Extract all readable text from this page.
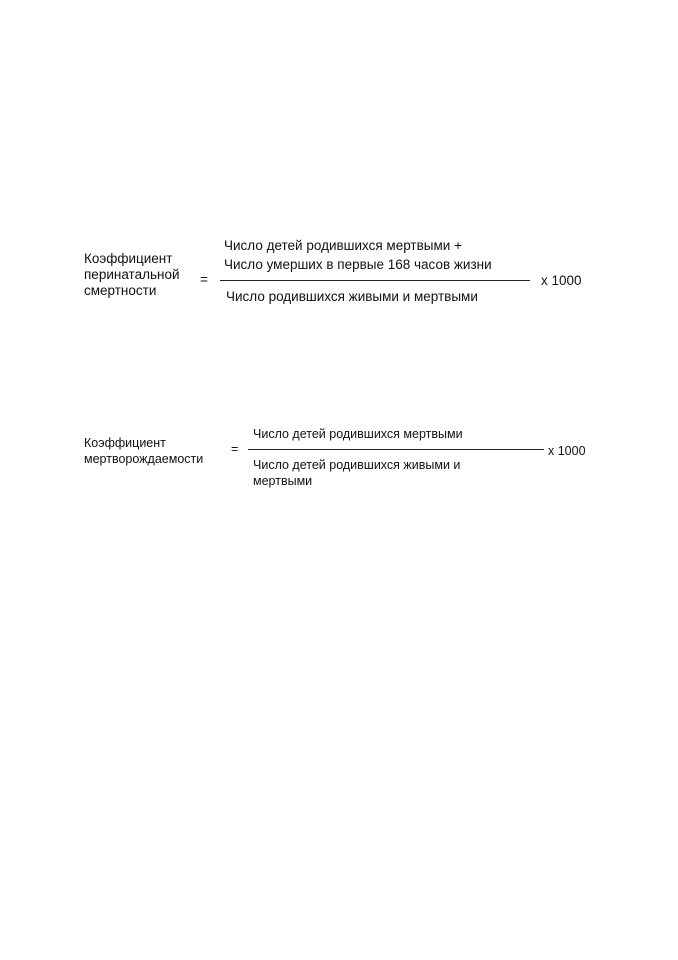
Коэффициент
перинатальной
смертности
=
Число детей родившихся мертвыми +
Число умерших в первые 168 часов жизни
Число родившихся живыми и мертвыми
x 1000
Коэффициент
мертворождаемости
=
Число детей родившихся мертвыми
Число детей родившихся живыми и
мертвыми
x 1000
